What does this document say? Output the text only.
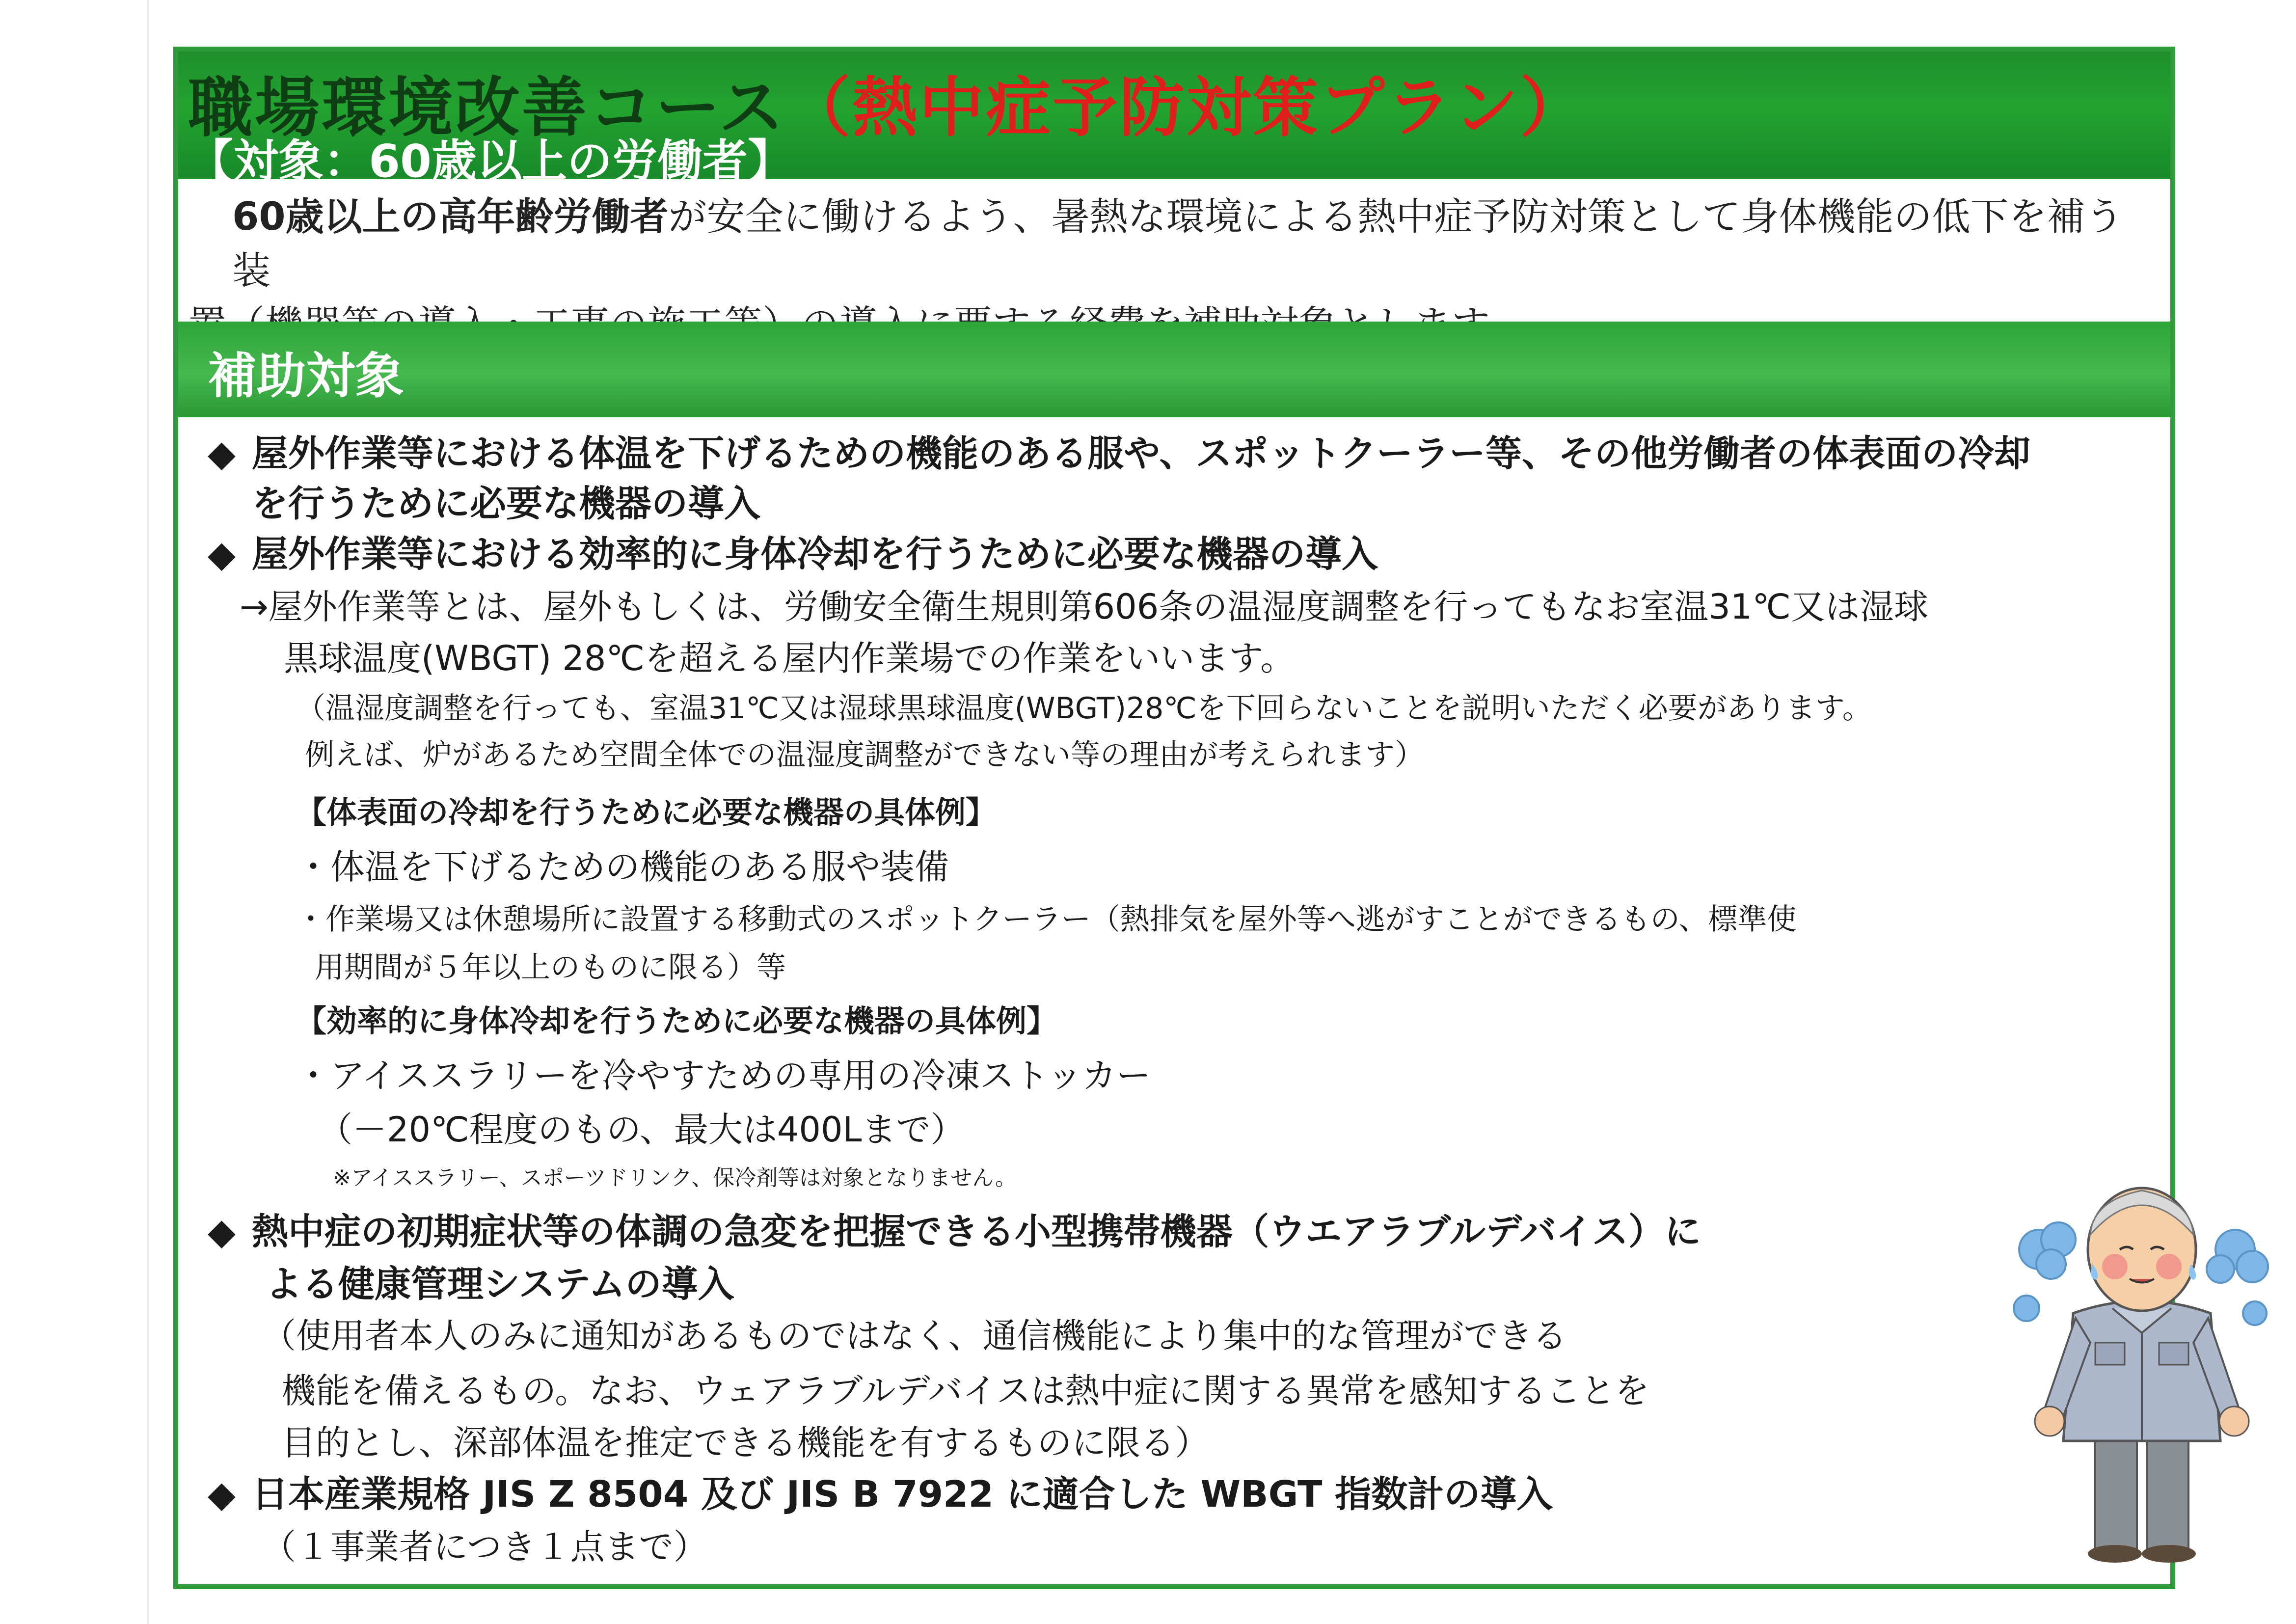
職場環境改善コース（熱中症予防対策プラン）
【対象：60歳以上の労働者】
60歳以上の高年齢労働者が安全に働けるよう、暑熱な環境による熱中症予防対策として身体機能の低下を補う装
補助対象
◆ 屋外作業等における体温を下げるための機能のある服や、スポットクーラー等、その他労働者の体表面の冷却
を行うために必要な機器の導入
◆ 屋外作業等における効率的に身体冷却を行うために必要な機器の導入
→屋外作業等とは、屋外もしくは、労働安全衛生規則第606条の温湿度調整を行ってもなお室温31℃又は湿球
黒球温度(WBGT) 28℃を超える屋内作業場での作業をいいます。
（温湿度調整を行っても、室温31℃又は湿球黒球温度(WBGT)28℃を下回らないことを説明いただく必要があります。
例えば、炉があるため空間全体での温湿度調整ができない等の理由が考えられます）
【体表面の冷却を行うために必要な機器の具体例】
・体温を下げるための機能のある服や装備
・作業場又は休憩場所に設置する移動式のスポットクーラー（熱排気を屋外等へ逃がすことができるもの、標準使
用期間が５年以上のものに限る）等
【効率的に身体冷却を行うために必要な機器の具体例】
・アイススラリーを冷やすための専用の冷凍ストッカー
（－20℃程度のもの、最大は400Lまで）
※アイススラリー、スポーツドリンク、保冷剤等は対象となりません。
◆ 熱中症の初期症状等の体調の急変を把握できる小型携帯機器（ウエアラブルデバイス）に
よる健康管理システムの導入
（使用者本人のみに通知があるものではなく、通信機能により集中的な管理ができる
機能を備えるもの。なお、ウェアラブルデバイスは熱中症に関する異常を感知することを
目的とし、深部体温を推定できる機能を有するものに限る）
◆ 日本産業規格 JIS Z 8504 及び JIS B 7922 に適合した WBGT 指数計の導入
（１事業者につき１点まで）
